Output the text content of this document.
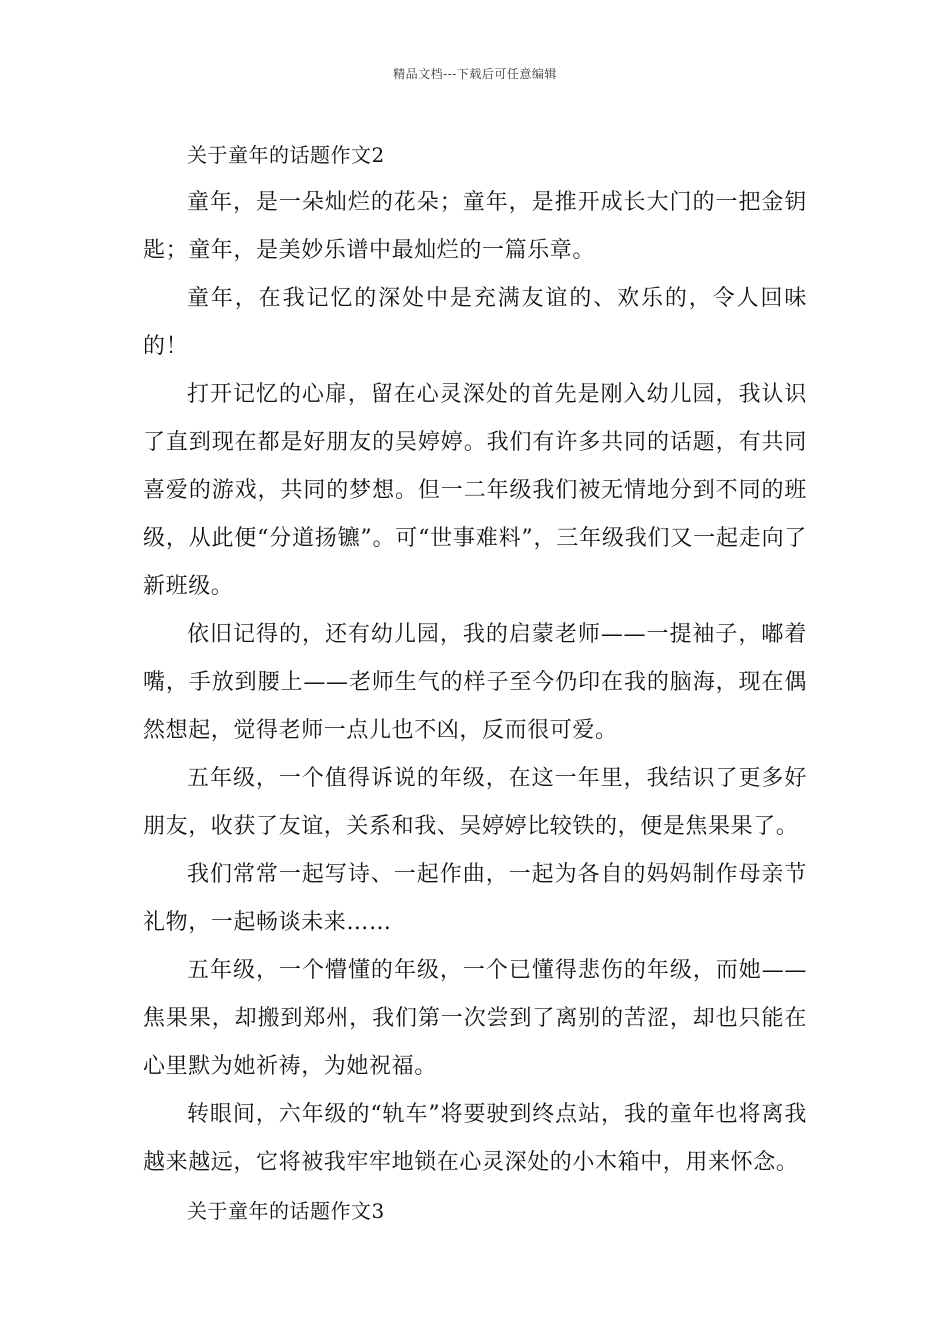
精品文档---下载后可任意编辑

关于童年的话题作文2

童年，是一朵灿烂的花朵；童年，是推开成长大门的一把金钥匙；童年，是美妙乐谱中最灿烂的一篇乐章。

童年，在我记忆的深处中是充满友谊的、欢乐的，令人回味的！

打开记忆的心扉，留在心灵深处的首先是刚入幼儿园，我认识了直到现在都是好朋友的吴婷婷。我们有许多共同的话题，有共同喜爱的游戏，共同的梦想。但一二年级我们被无情地分到不同的班级，从此便“分道扬镳”。可“世事难料”，三年级我们又一起走向了新班级。

依旧记得的，还有幼儿园，我的启蒙老师——一提袖子，嘟着嘴，手放到腰上——老师生气的样子至今仍印在我的脑海，现在偶然想起，觉得老师一点儿也不凶，反而很可爱。

五年级，一个值得诉说的年级，在这一年里，我结识了更多好朋友，收获了友谊，关系和我、吴婷婷比较铁的，便是焦果果了。

我们常常一起写诗、一起作曲，一起为各自的妈妈制作母亲节礼物，一起畅谈未来……

五年级，一个懵懂的年级，一个已懂得悲伤的年级，而她——焦果果，却搬到郑州，我们第一次尝到了离别的苦涩，却也只能在心里默为她祈祷，为她祝福。

转眼间，六年级的“轨车”将要驶到终点站，我的童年也将离我越来越远，它将被我牢牢地锁在心灵深处的小木箱中，用来怀念。

关于童年的话题作文3
